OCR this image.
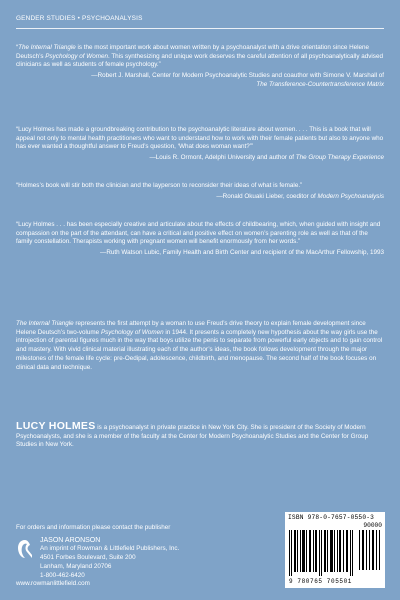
GENDER STUDIES • PSYCHOANALYSIS

“The Internal Triangle is the most important work about women written by a psychoanalyst with a drive orientation since Helene Deutsch’s Psychology of Women. This synthesizing and unique work deserves the careful attention of all psychoanalytically advised clinicians as well as students of female psychology.”

—Robert J. Marshall, Center for Modern Psychoanalytic Studies and coauthor with Simone V. Marshall of

The Transference-Countertransference Matrix

“Lucy Holmes has made a groundbreaking contribution to the psychoanalytic literature about women. . . . This is a book that will appeal not only to mental health practitioners who want to understand how to work with their female patients but also to anyone who has ever wanted a thoughtful answer to Freud’s question, ‘What does woman want?’”

—Louis R. Ormont, Adelphi University and author of The Group Therapy Experience

“Holmes’s book will stir both the clinician and the layperson to reconsider their ideas of what is female.”

—Ronald Okuaki Lieber, coeditor of Modern Psychoanalysis

“Lucy Holmes . . . has been especially creative and articulate about the effects of childbearing, which, when guided with insight and compassion on the part of the attendant, can have a critical and positive effect on women’s parenting role as well as that of the family constellation. Therapists working with pregnant women will benefit enormously from her words.”

—Ruth Watson Lubic, Family Health and Birth Center and recipient of the MacArthur Fellowship, 1993

The Internal Triangle represents the first attempt by a woman to use Freud’s drive theory to explain female development since Helene Deutsch’s two-volume Psychology of Women in 1944. It presents a completely new hypothesis about the way girls use the introjection of parental figures much in the way that boys utilize the penis to separate from powerful early objects and to gain control and mastery. With vivid clinical material illustrating each of the author’s ideas, the book follows development through the major milestones of the female life cycle: pre-Oedipal, adolescence, childbirth, and menopause. The second half of the book focuses on clinical data and technique.

LUCY HOLMES is a psychoanalyst in private practice in New York City. She is president of the Society of Modern Psychoanalysts, and she is a member of the faculty at the Center for Modern Psychoanalytic Studies and the Center for Group Studies in New York.

For orders and information please contact the publisher
JASON ARONSON
An imprint of Rowman & Littlefield Publishers, Inc.
4501 Forbes Boulevard, Suite 200
Lanham, Maryland 20706
1-800-462-6420
www.rowmanlittlefield.com
ISBN 978-0-7657-0550-3
90000
9 780765 705501
